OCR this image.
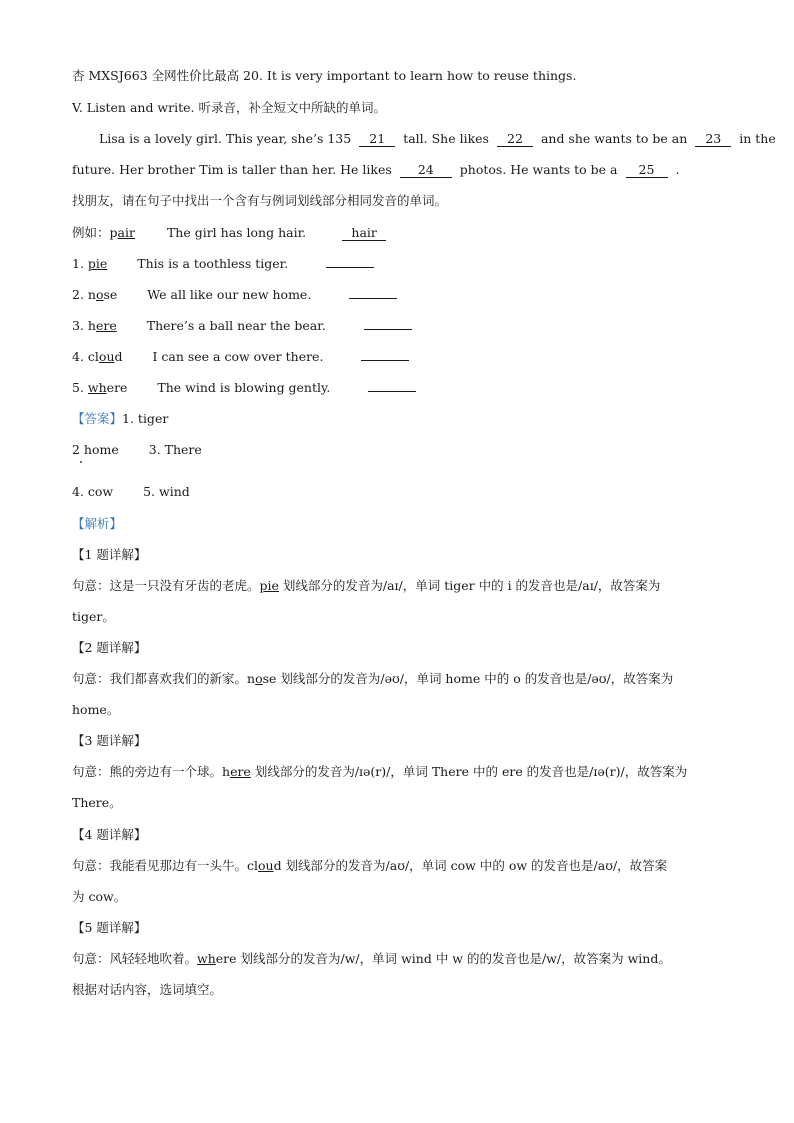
杏 MXSJ663 全网性价比最高 20. It is very important to learn how to reuse things.
V. Listen and write. 听录音，补全短文中所缺的单词。
Lisa is a lovely girl. This year, she’s 135 21 tall. She likes 22 and she wants to be an 23 in the
future. Her brother Tim is taller than her. He likes 24 photos. He wants to be a 25 .
找朋友，请在句子中找出一个含有与例词划线部分相同发音的单词。
例如：pair	The girl has long hair.	hair
1. pie This is a toothless tiger.
2. nose We all like our new home.
3. here There’s a ball near the bear.
4. cloud I can see a cow over there.
5. where The wind is blowing gently.
【答案】1. tiger
2 home 3. There
4. cow 5. wind
【解析】
【1 题详解】
句意：这是一只没有牙齿的老虎。pie 划线部分的发音为/aɪ/，单词 tiger 中的 i 的发音也是/aɪ/，故答案为
tiger。
【2 题详解】
句意：我们都喜欢我们的新家。nose 划线部分的发音为/əʊ/，单词 home 中的 o 的发音也是/əʊ/，故答案为
home。
【3 题详解】
句意：熊的旁边有一个球。here 划线部分的发音为/ɪə(r)/，单词 There 中的 ere 的发音也是/ɪə(r)/，故答案为
There。
【4 题详解】
句意：我能看见那边有一头牛。cloud 划线部分的发音为/aʊ/，单词 cow 中的 ow 的发音也是/aʊ/，故答案
为 cow。
【5 题详解】
句意：风轻轻地吹着。where 划线部分的发音为/w/，单词 wind 中 w 的的发音也是/w/，故答案为 wind。
根据对话内容，选词填空。
